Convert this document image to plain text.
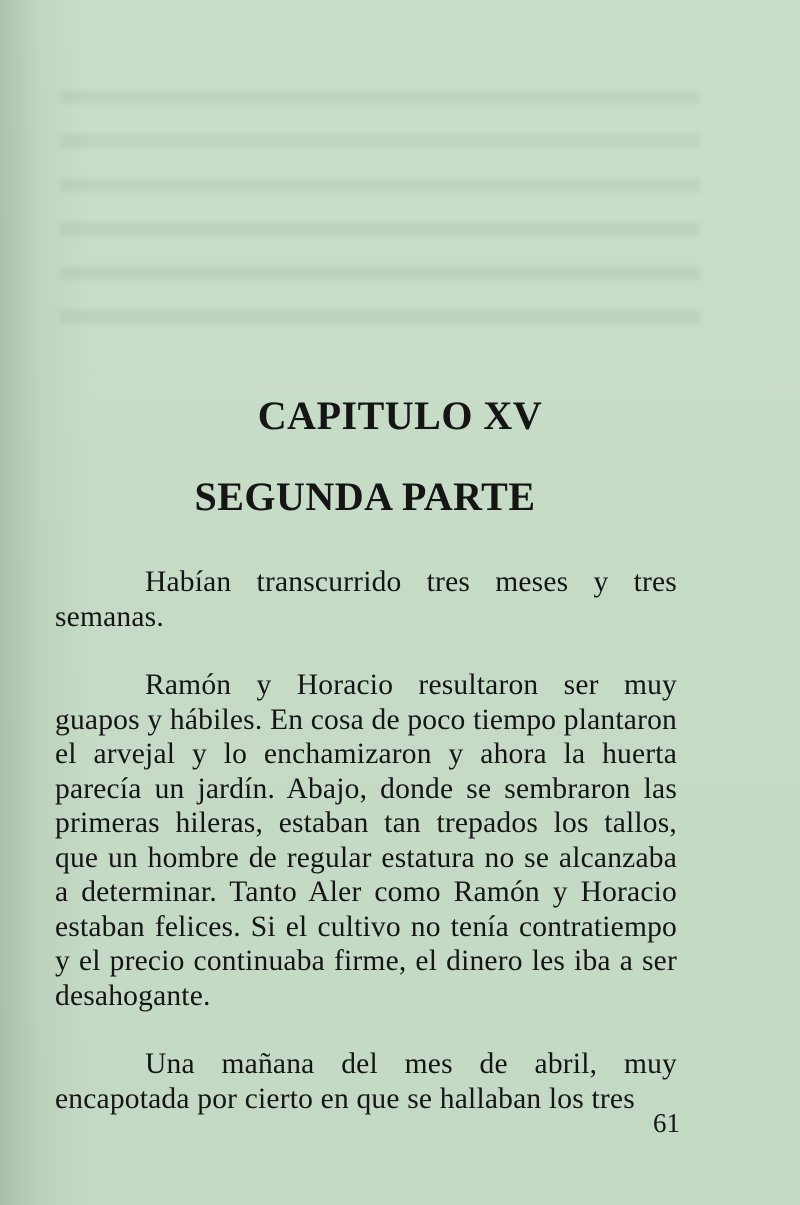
CAPITULO XV
SEGUNDA PARTE

Habían transcurrido tres meses y tres semanas.

Ramón y Horacio resultaron ser muy guapos y hábiles. En cosa de poco tiempo plantaron el arvejal y lo enchamizaron y ahora la huerta parecía un jardín. Abajo, donde se sembraron las primeras hileras, estaban tan trepados los tallos, que un hombre de regular estatura no se alcanzaba a determinar. Tanto Aler como Ramón y Horacio estaban felices. Si el cultivo no tenía contratiempo y el precio continuaba firme, el dinero les iba a ser desahogante.

Una mañana del mes de abril, muy encapotada por cierto en que se hallaban los tres

61
